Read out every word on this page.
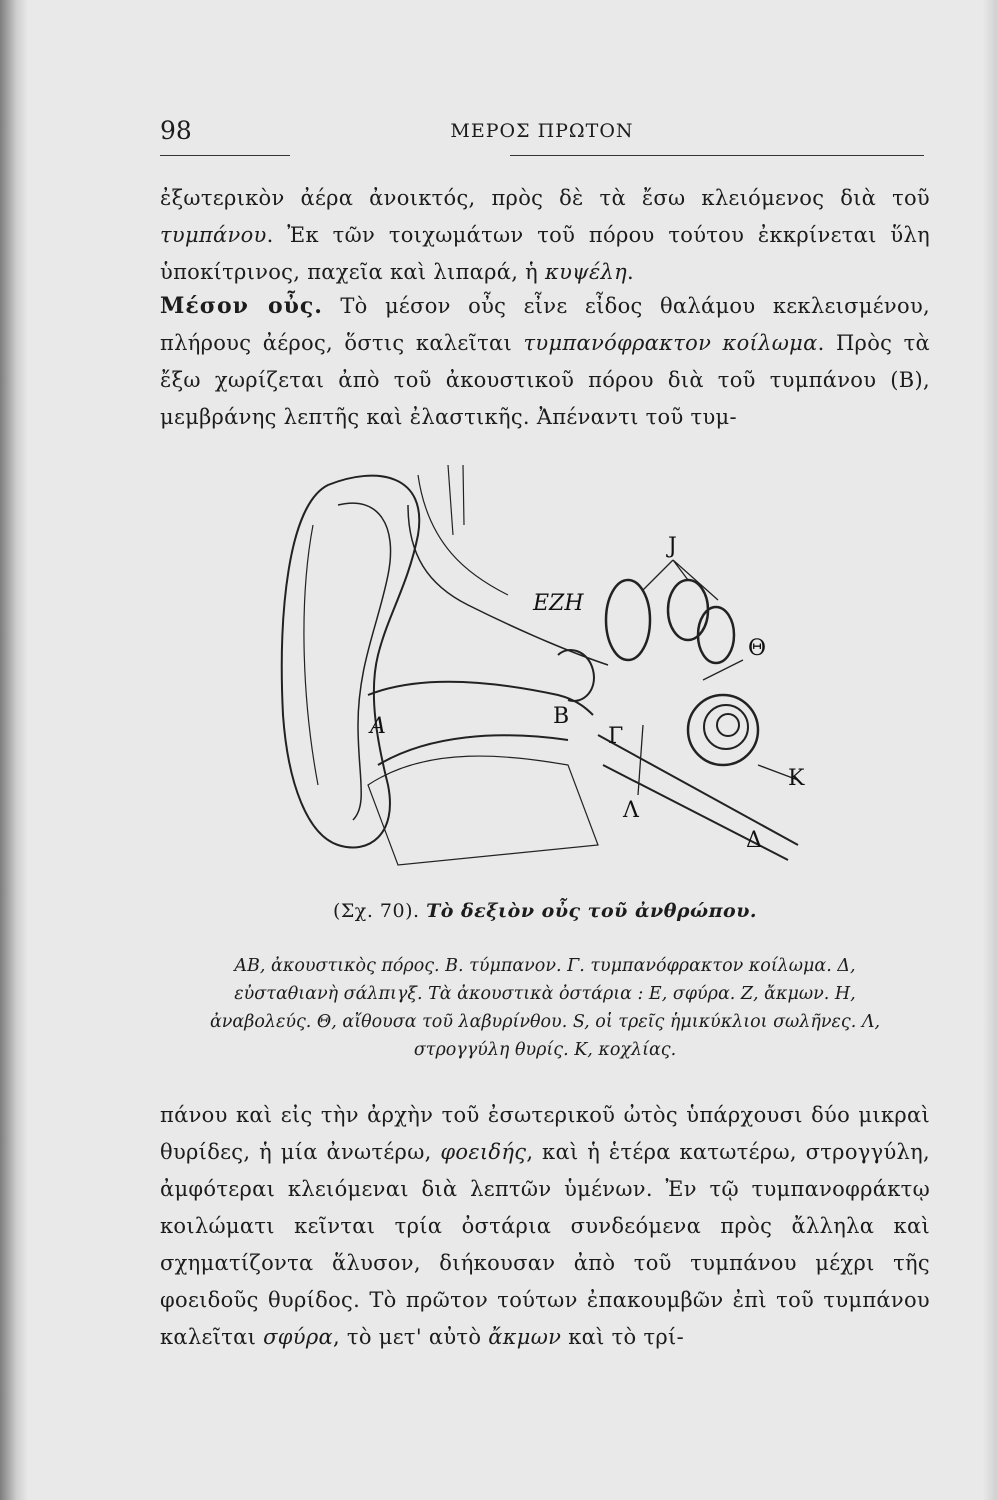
98	ΜΕΡΟΣ ΠΡΩΤΟΝ
ἐξωτερικὸν ἀέρα ἀνοικτός, πρὸς δὲ τὰ ἔσω κλειόμενος διὰ τοῦ τυμπάνου. Ἐκ τῶν τοιχωμάτων τοῦ πόρου τούτου ἐκκρίνεται ὕλη ὑποκίτρινος, παχεῖα καὶ λιπαρά, ἡ κυψέλη.
Μέσον οὖς. Τὸ μέσον οὖς εἶνε εἶδος θαλάμου κεκλεισμένου, πλήρους ἀέρος, ὅστις καλεῖται τυμπανόφρακτον κοίλωμα. Πρὸς τὰ ἔξω χωρίζεται ἀπὸ τοῦ ἀκουστικοῦ πόρου διὰ τοῦ τυμπάνου (Β), μεμβράνης λεπτῆς καὶ ἐλαστικῆς. Ἀπέναντι τοῦ τυμ-
J
ΕΖΗ
Θ
Α	Β
Γ
Κ
Λ
Δ
(Σχ. 70). Τὸ δεξιὸν οὖς τοῦ ἀνθρώπου.
ΑΒ, ἀκουστικὸς πόρος. Β. τύμπανον. Γ. τυμπανόφρακτον κοίλωμα. Δ, εὐσταθιανὴ σάλπιγξ. Τὰ ἀκουστικὰ ὀστάρια : Ε, σφύρα. Ζ, ἄκμων. Η, ἀναβολεύς. Θ, αἴθουσα τοῦ λαβυρίνθου. S, οἱ τρεῖς ἡμικύκλιοι σωλῆνες. Λ, στρογγύλη θυρίς. Κ, κοχλίας.
πάνου καὶ εἰς τὴν ἀρχὴν τοῦ ἐσωτερικοῦ ὠτὸς ὑπάρχουσι δύο μικραὶ θυρίδες, ἡ μία ἀνωτέρω, φοειδής, καὶ ἡ ἑτέρα κατωτέρω, στρογγύλη, ἀμφότεραι κλειόμεναι διὰ λεπτῶν ὑμένων. Ἐν τῷ τυμπανοφράκτῳ κοιλώματι κεῖνται τρία ὀστάρια συνδεόμενα πρὸς ἄλληλα καὶ σχηματίζοντα ἅλυσον, διήκουσαν ἀπὸ τοῦ τυμπάνου μέχρι τῆς φοειδοῦς θυρίδος. Τὸ πρῶτον τούτων ἐπακουμβῶν ἐπὶ τοῦ τυμπάνου καλεῖται σφύρα, τὸ μετ' αὐτὸ ἄκμων καὶ τὸ τρί-
